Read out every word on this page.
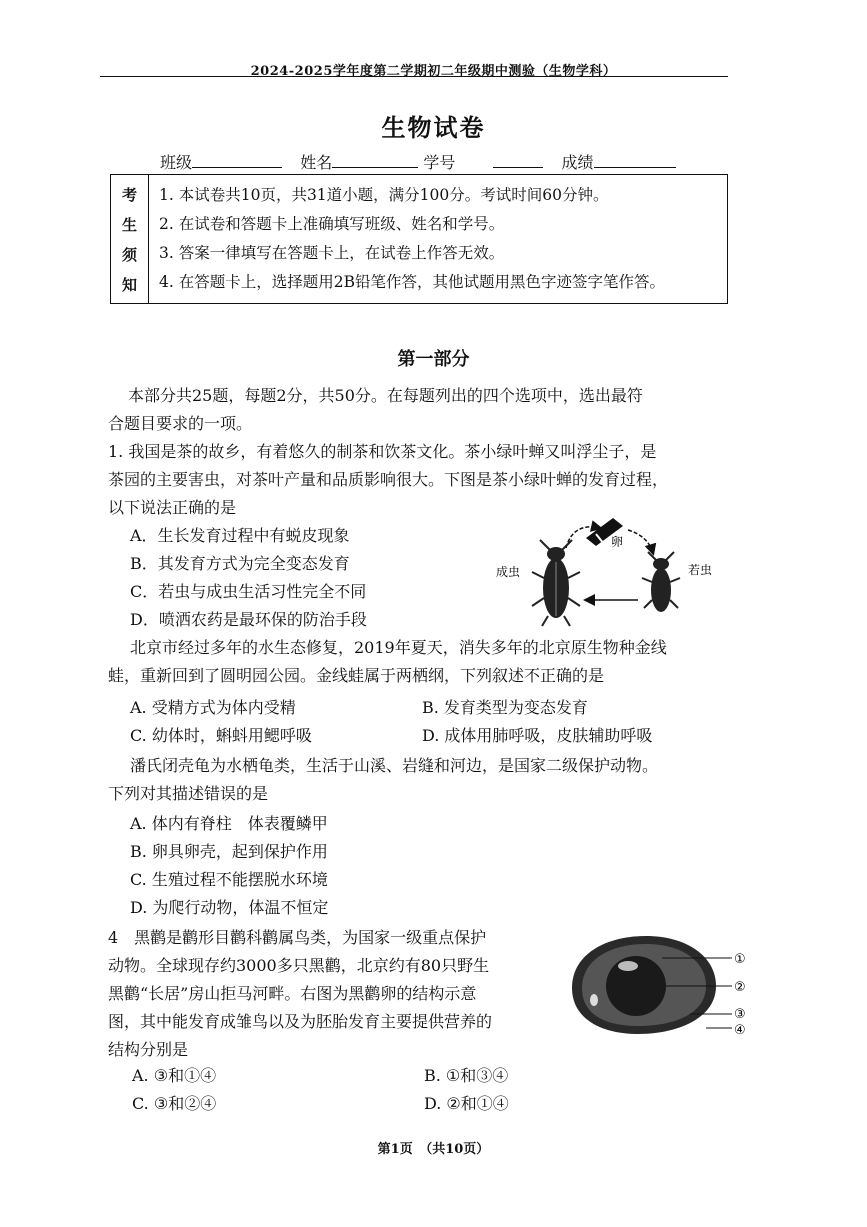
2024-2025学年度第二学期初二年级期中测验（生物学科）
生物试卷
班级	姓名	学号	成绩
考
生
须
知
1. 本试卷共10页，共31道小题，满分100分。考试时间60分钟。
2. 在试卷和答题卡上准确填写班级、姓名和学号。
3. 答案一律填写在答题卡上，在试卷上作答无效。
4. 在答题卡上，选择题用2B铅笔作答，其他试题用黑色字迹签字笔作答。
第一部分
本部分共25题，每题2分，共50分。在每题列出的四个选项中，选出最符
合题目要求的一项。
1. 我国是茶的故乡，有着悠久的制茶和饮茶文化。茶小绿叶蝉又叫浮尘子，是
茶园的主要害虫，对茶叶产量和品质影响很大。下图是茶小绿叶蝉的发育过程，
以下说法正确的是
A．生长发育过程中有蜕皮现象
B．其发育方式为完全变态发育
C．若虫与成虫生活习性完全不同
D．喷洒农药是最环保的防治手段
卵
成虫	若虫
北京市经过多年的水生态修复，2019年夏天，消失多年的北京原生物种金线
蛙，重新回到了圆明园公园。金线蛙属于两栖纲，下列叙述不正确的是
A. 受精方式为体内受精	B. 发育类型为变态发育
C. 幼体时，蝌蚪用鳃呼吸	D. 成体用肺呼吸，皮肤辅助呼吸
潘氏闭壳龟为水栖龟类，生活于山溪、岩缝和河边，是国家二级保护动物。
下列对其描述错误的是
A. 体内有脊柱　体表覆鳞甲
B. 卵具卵壳，起到保护作用
C. 生殖过程不能摆脱水环境
D. 为爬行动物，体温不恒定
4　黑鹳是鹳形目鹳科鹳属鸟类，为国家一级重点保护
动物。全球现存约3000多只黑鹳，北京约有80只野生
黑鹳“长居”房山拒马河畔。右图为黑鹳卵的结构示意
图，其中能发育成雏鸟以及为胚胎发育主要提供营养的
结构分别是
A. ③和①④	B. ①和③④
C. ③和②④	D. ②和①④
①
②
③
④
第1页　（共10页）
